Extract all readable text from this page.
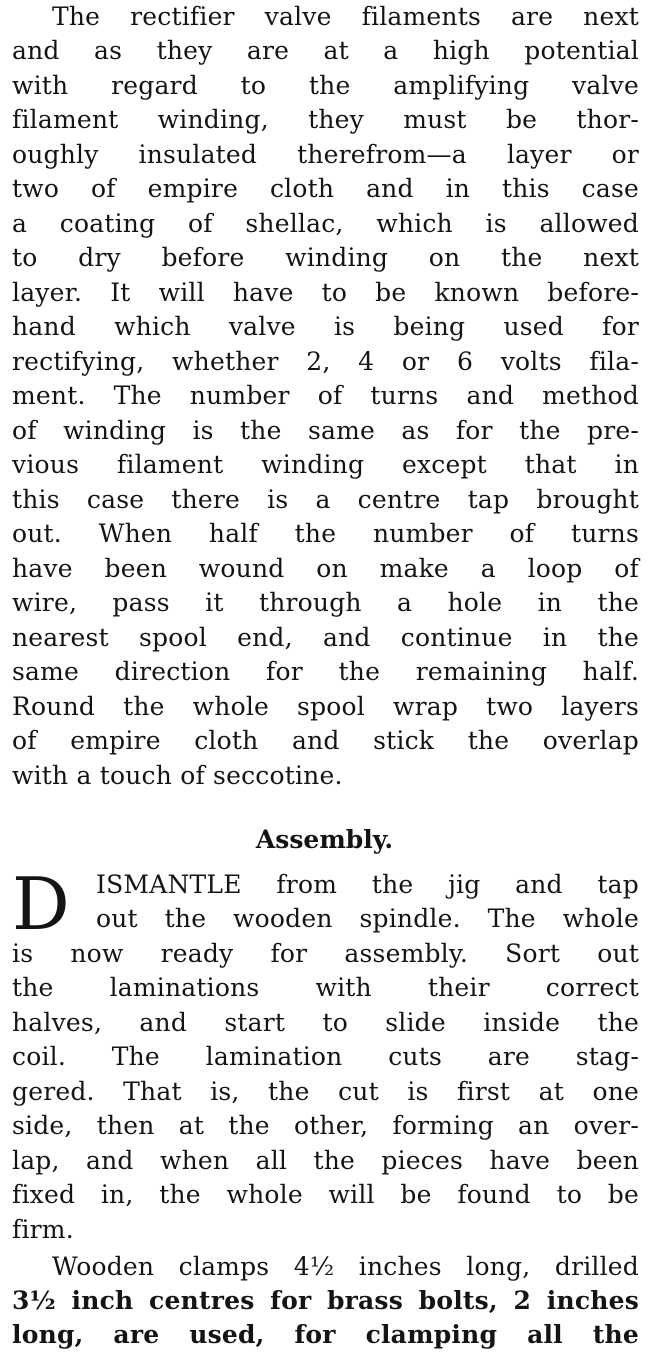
The rectifier valve filaments are next
and as they are at a high potential
with regard to the amplifying valve
filament winding, they must be thor-
oughly insulated therefrom—a layer or
two of empire cloth and in this case
a coating of shellac, which is allowed
to dry before winding on the next
layer. It will have to be known before-
hand which valve is being used for
rectifying, whether 2, 4 or 6 volts fila-
ment. The number of turns and method
of winding is the same as for the pre-
vious filament winding except that in
this case there is a centre tap brought
out. When half the number of turns
have been wound on make a loop of
wire, pass it through a hole in the
nearest spool end, and continue in the
same direction for the remaining half.
Round the whole spool wrap two layers
of empire cloth and stick the overlap
with a touch of seccotine.
Assembly.
D ISMANTLE from the jig and tap
out the wooden spindle. The whole
is now ready for assembly. Sort out
the laminations with their correct
halves, and start to slide inside the
coil. The lamination cuts are stag-
gered. That is, the cut is first at one
side, then at the other, forming an over-
lap, and when all the pieces have been
fixed in, the whole will be found to be
firm.
Wooden clamps 4½ inches long, drilled
3½ inch centres for brass bolts, 2 inches
long, are used, for clamping all the
